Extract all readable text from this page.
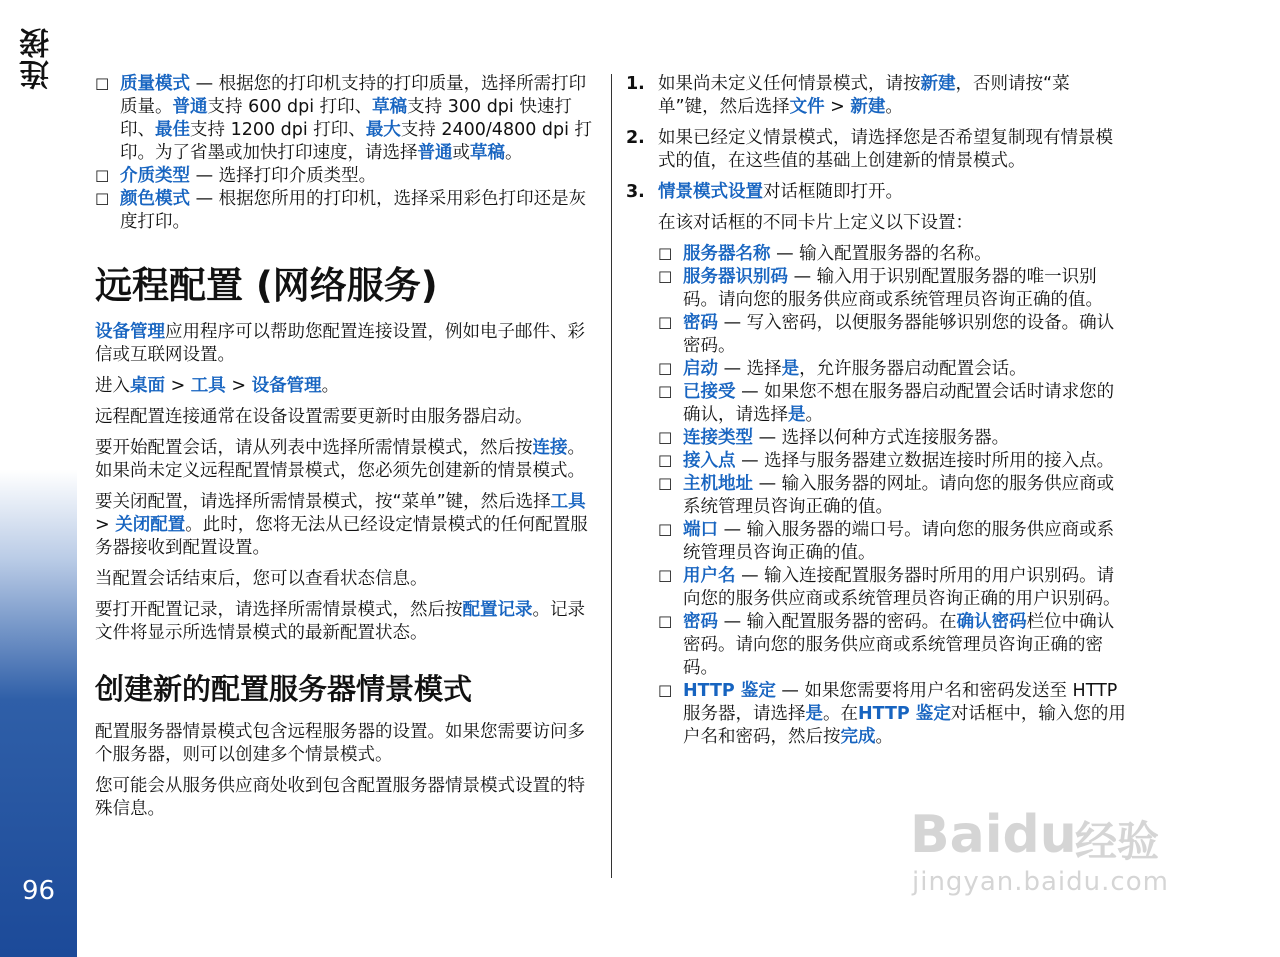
连接
96
☐ 质量模式 — 根据您的打印机支持的打印质量，选择所需打印质量。普通支持 600 dpi 打印、草稿支持 300 dpi 快速打印、最佳支持 1200 dpi 打印、最大支持 2400/4800 dpi 打印。为了省墨或加快打印速度，请选择普通或草稿。
☐ 介质类型 — 选择打印介质类型。
☐ 颜色模式 — 根据您所用的打印机，选择采用彩色打印还是灰度打印。
远程配置 (网络服务)

设备管理应用程序可以帮助您配置连接设置，例如电子邮件、彩信或互联网设置。

进入桌面 > 工具 > 设备管理。

远程配置连接通常在设备设置需要更新时由服务器启动。

要开始配置会话，请从列表中选择所需情景模式，然后按连接。如果尚未定义远程配置情景模式，您必须先创建新的情景模式。

要关闭配置，请选择所需情景模式，按“菜单”键，然后选择工具 > 关闭配置。此时，您将无法从已经设定情景模式的任何配置服务器接收到配置设置。

当配置会话结束后，您可以查看状态信息。

要打开配置记录，请选择所需情景模式，然后按配置记录。记录文件将显示所选情景模式的最新配置状态。

创建新的配置服务器情景模式

配置服务器情景模式包含远程服务器的设置。如果您需要访问多个服务器，则可以创建多个情景模式。

您可能会从服务供应商处收到包含配置服务器情景模式设置的特殊信息。

1. 如果尚未定义任何情景模式，请按新建，否则请按“菜单”键，然后选择文件 > 新建。
2. 如果已经定义情景模式，请选择您是否希望复制现有情景模式的值，在这些值的基础上创建新的情景模式。
3. 情景模式设置对话框随即打开。

在该对话框的不同卡片上定义以下设置：

☐ 服务器名称 — 输入配置服务器的名称。
☐ 服务器识别码 — 输入用于识别配置服务器的唯一识别码。请向您的服务供应商或系统管理员咨询正确的值。
☐ 密码 — 写入密码，以便服务器能够识别您的设备。确认密码。
☐ 启动 — 选择是，允许服务器启动配置会话。
☐ 已接受 — 如果您不想在服务器启动配置会话时请求您的确认，请选择是。
☐ 连接类型 — 选择以何种方式连接服务器。
☐ 接入点 — 选择与服务器建立数据连接时所用的接入点。
☐ 主机地址 — 输入服务器的网址。请向您的服务供应商或系统管理员咨询正确的值。
☐ 端口 — 输入服务器的端口号。请向您的服务供应商或系统管理员咨询正确的值。
☐ 用户名 — 输入连接配置服务器时所用的用户识别码。请向您的服务供应商或系统管理员咨询正确的用户识别码。
☐ 密码 — 输入配置服务器的密码。在确认密码栏位中确认密码。请向您的服务供应商或系统管理员咨询正确的密码。
☐ HTTP 鉴定 — 如果您需要将用户名和密码发送至 HTTP 服务器，请选择是。在HTTP 鉴定对话框中，输入您的用户名和密码，然后按完成。
Baidu
经验
jingyan.baidu.com
